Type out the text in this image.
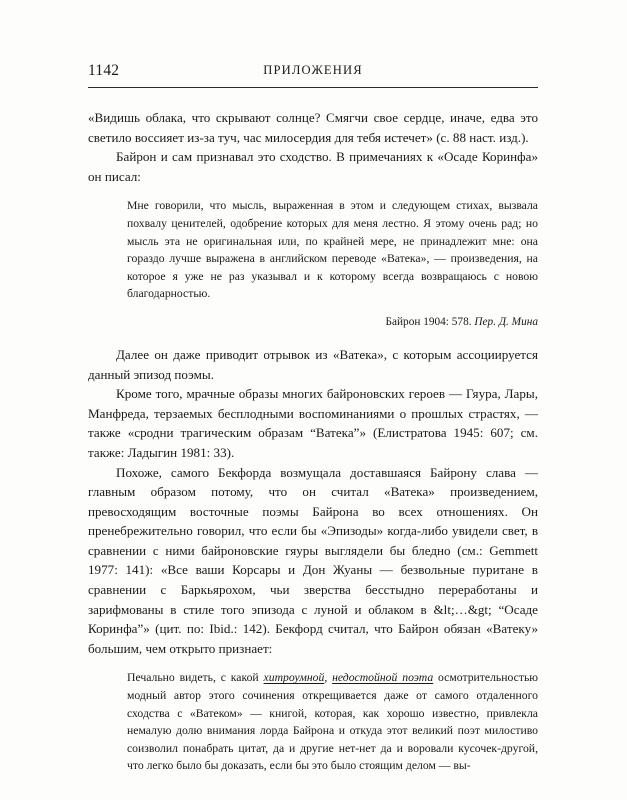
1142	ПРИЛОЖЕНИЯ

«Видишь облака, что скрывают солнце? Смягчи свое сердце, иначе, едва это светило воссияет из-за туч, час милосердия для тебя истечет» (с. 88 наст. изд.).

Байрон и сам признавал это сходство. В примечаниях к «Осаде Коринфа» он писал:

Мне говорили, что мысль, выраженная в этом и следующем стихах, вызвала похвалу ценителей, одобрение которых для меня лестно. Я этому очень рад; но мысль эта не оригинальная или, по крайней мере, не принадлежит мне: она гораздо лучше выражена в английском переводе «Ватека», — произведения, на которое я уже не раз указывал и к которому всегда возвращаюсь с новою благодарностью.

Байрон 1904: 578. Пер. Д. Мина

Далее он даже приводит отрывок из «Ватека», с которым ассоциируется данный эпизод поэмы.

Кроме того, мрачные образы многих байроновских героев — Гяура, Лары, Манфреда, терзаемых бесплодными воспоминаниями о прошлых страстях, — также «сродни трагическим образам “Ватека”» (Елистратова 1945: 607; см. также: Ладыгин 1981: 33).

Похоже, самого Бекфорда возмущала доставшаяся Байрону слава — главным образом потому, что он считал «Ватека» произведением, превосходящим восточные поэмы Байрона во всех отношениях. Он пренебрежительно говорил, что если бы «Эпизоды» когда-либо увидели свет, в сравнении с ними байроновские гяуры выглядели бы бледно (см.: Gemmett 1977: 141): «Все ваши Корсары и Дон Жуаны — безвольные пуритане в сравнении с Баркьярохом, чьи зверства бесстыдно переработаны и зарифмованы в стиле того эпизода с луной и облаком в &lt;…&gt; “Осаде Коринфа”» (цит. по: Ibid.: 142). Бекфорд считал, что Байрон обязан «Ватеку» большим, чем открыто признает:

Печально видеть, с какой хитроумной, недостойной поэта осмотрительностью модный автор этого сочинения открещивается даже от самого отдаленного сходства с «Ватеком» — книгой, которая, как хорошо известно, привлекла немалую долю внимания лорда Байрона и откуда этот великий поэт милостиво соизволил понабрать цитат, да и другие нет-нет да и воровали кусочек-другой, что легко было бы доказать, если бы это было стоящим делом — вы-
